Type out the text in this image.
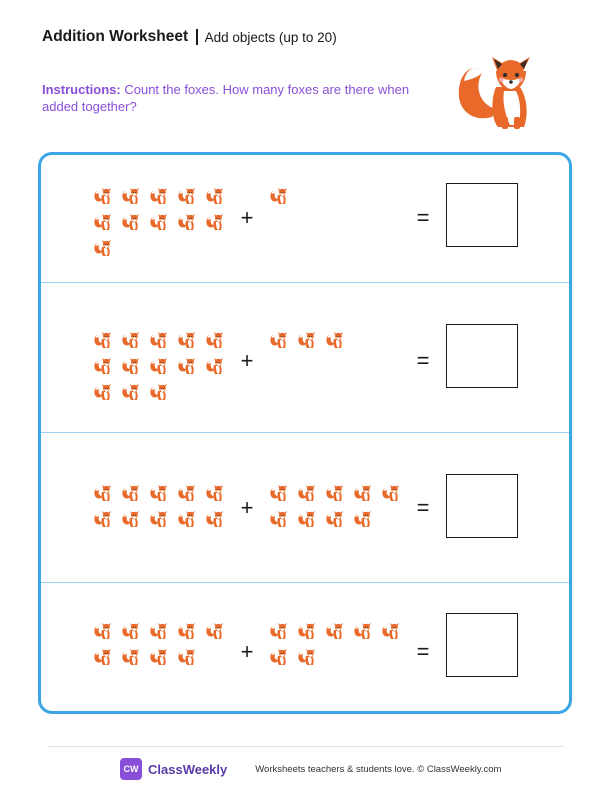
Addition Worksheet Add objects (up to 20)
Instructions: Count the foxes. How many foxes are there when added together?
+	=
+	=
+	=
+	=
CW ClassWeekly	Worksheets teachers & students love. © ClassWeekly.com
